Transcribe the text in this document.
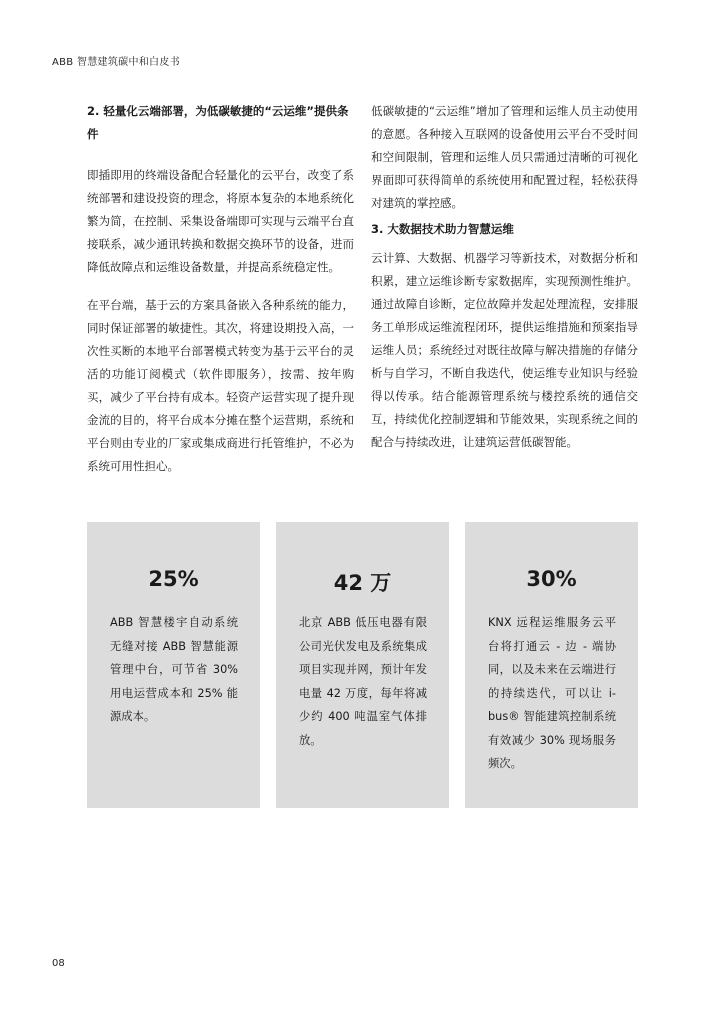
ABB 智慧建筑碳中和白皮书
2. 轻量化云端部署，为低碳敏捷的“云运维”提供条件

即插即用的终端设备配合轻量化的云平台，改变了系统部署和建设投资的理念，将原本复杂的本地系统化繁为简，在控制、采集设备端即可实现与云端平台直接联系，减少通讯转换和数据交换环节的设备，进而降低故障点和运维设备数量，并提高系统稳定性。

在平台端，基于云的方案具备嵌入各种系统的能力，同时保证部署的敏捷性。其次，将建设期投入高，一次性买断的本地平台部署模式转变为基于云平台的灵活的功能订阅模式（软件即服务），按需、按年购买，减少了平台持有成本。轻资产运营实现了提升现金流的目的，将平台成本分摊在整个运营期，系统和平台则由专业的厂家或集成商进行托管维护，不必为系统可用性担心。

低碳敏捷的“云运维”增加了管理和运维人员主动使用的意愿。各种接入互联网的设备使用云平台不受时间和空间限制，管理和运维人员只需通过清晰的可视化界面即可获得简单的系统使用和配置过程，轻松获得对建筑的掌控感。

3. 大数据技术助力智慧运维

云计算、大数据、机器学习等新技术，对数据分析和积累，建立运维诊断专家数据库，实现预测性维护。通过故障自诊断，定位故障并发起处理流程，安排服务工单形成运维流程闭环，提供运维措施和预案指导运维人员；系统经过对既往故障与解决措施的存储分析与自学习，不断自我迭代，使运维专业知识与经验得以传承。结合能源管理系统与楼控系统的通信交互，持续优化控制逻辑和节能效果，实现系统之间的配合与持续改进，让建筑运营低碳智能。

25%
ABB 智慧楼宇自动系统无缝对接 ABB 智慧能源管理中台，可节省 30% 用电运营成本和 25% 能源成本。
42 万
北京 ABB 低压电器有限公司光伏发电及系统集成项目实现并网，预计年发电量 42 万度，每年将减少约 400 吨温室气体排放。
30%
KNX 远程运维服务云平台将打通云 - 边 - 端协同，以及未来在云端进行的持续迭代，可以让 i-bus® 智能建筑控制系统有效减少 30% 现场服务频次。
08
